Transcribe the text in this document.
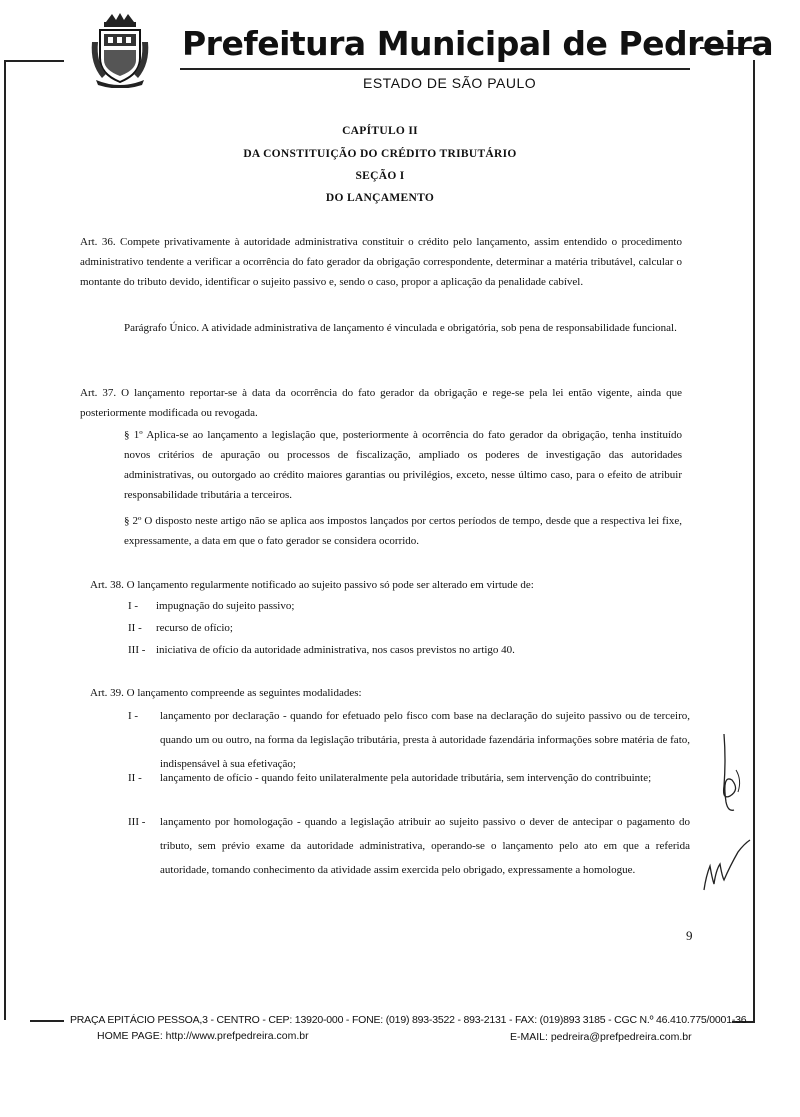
Prefeitura Municipal de Pedreira
ESTADO DE SÃO PAULO
CAPÍTULO II
DA CONSTITUIÇÃO DO CRÉDITO TRIBUTÁRIO
SEÇÃO I
DO LANÇAMENTO
Art. 36. Compete privativamente à autoridade administrativa constituir o crédito pelo lançamento, assim entendido o procedimento administrativo tendente a verificar a ocorrência do fato gerador da obrigação correspondente, determinar a matéria tributável, calcular o montante do tributo devido, identificar o sujeito passivo e, sendo o caso, propor a aplicação da penalidade cabível.
Parágrafo Único. A atividade administrativa de lançamento é vinculada e obrigatória, sob pena de responsabilidade funcional.
Art. 37. O lançamento reportar-se à data da ocorrência do fato gerador da obrigação e rege-se pela lei então vigente, ainda que posteriormente modificada ou revogada.
§ 1º Aplica-se ao lançamento a legislação que, posteriormente à ocorrência do fato gerador da obrigação, tenha instituído novos critérios de apuração ou processos de fiscalização, ampliado os poderes de investigação das autoridades administrativas, ou outorgado ao crédito maiores garantias ou privilégios, exceto, nesse último caso, para o efeito de atribuir responsabilidade tributária a terceiros.
§ 2º O disposto neste artigo não se aplica aos impostos lançados por certos períodos de tempo, desde que a respectiva lei fixe, expressamente, a data em que o fato gerador se considera ocorrido.
Art. 38. O lançamento regularmente notificado ao sujeito passivo só pode ser alterado em virtude de:
I - impugnação do sujeito passivo;
II - recurso de ofício;
III - iniciativa de ofício da autoridade administrativa, nos casos previstos no artigo 40.
Art. 39. O lançamento compreende as seguintes modalidades:
I - lançamento por declaração - quando for efetuado pelo fisco com base na declaração do sujeito passivo ou de terceiro, quando um ou outro, na forma da legislação tributária, presta à autoridade fazendária informações sobre matéria de fato, indispensável à sua efetivação;
II - lançamento de ofício - quando feito unilateralmente pela autoridade tributária, sem intervenção do contribuinte;
III - lançamento por homologação - quando a legislação atribuir ao sujeito passivo o dever de antecipar o pagamento do tributo, sem prévio exame da autoridade administrativa, operando-se o lançamento pelo ato em que a referida autoridade, tomando conhecimento da atividade assim exercida pelo obrigado, expressamente a homologue.
9
PRAÇA EPITÁCIO PESSOA,3 - CENTRO - CEP: 13920-000 - FONE: (019) 893-3522 - 893-2131 - FAX: (019)893 3185 - CGC N.º 46.410.775/0001-36
HOME PAGE: http://www.prefpedreira.com.br	E-MAIL: pedreira@prefpedreira.com.br
